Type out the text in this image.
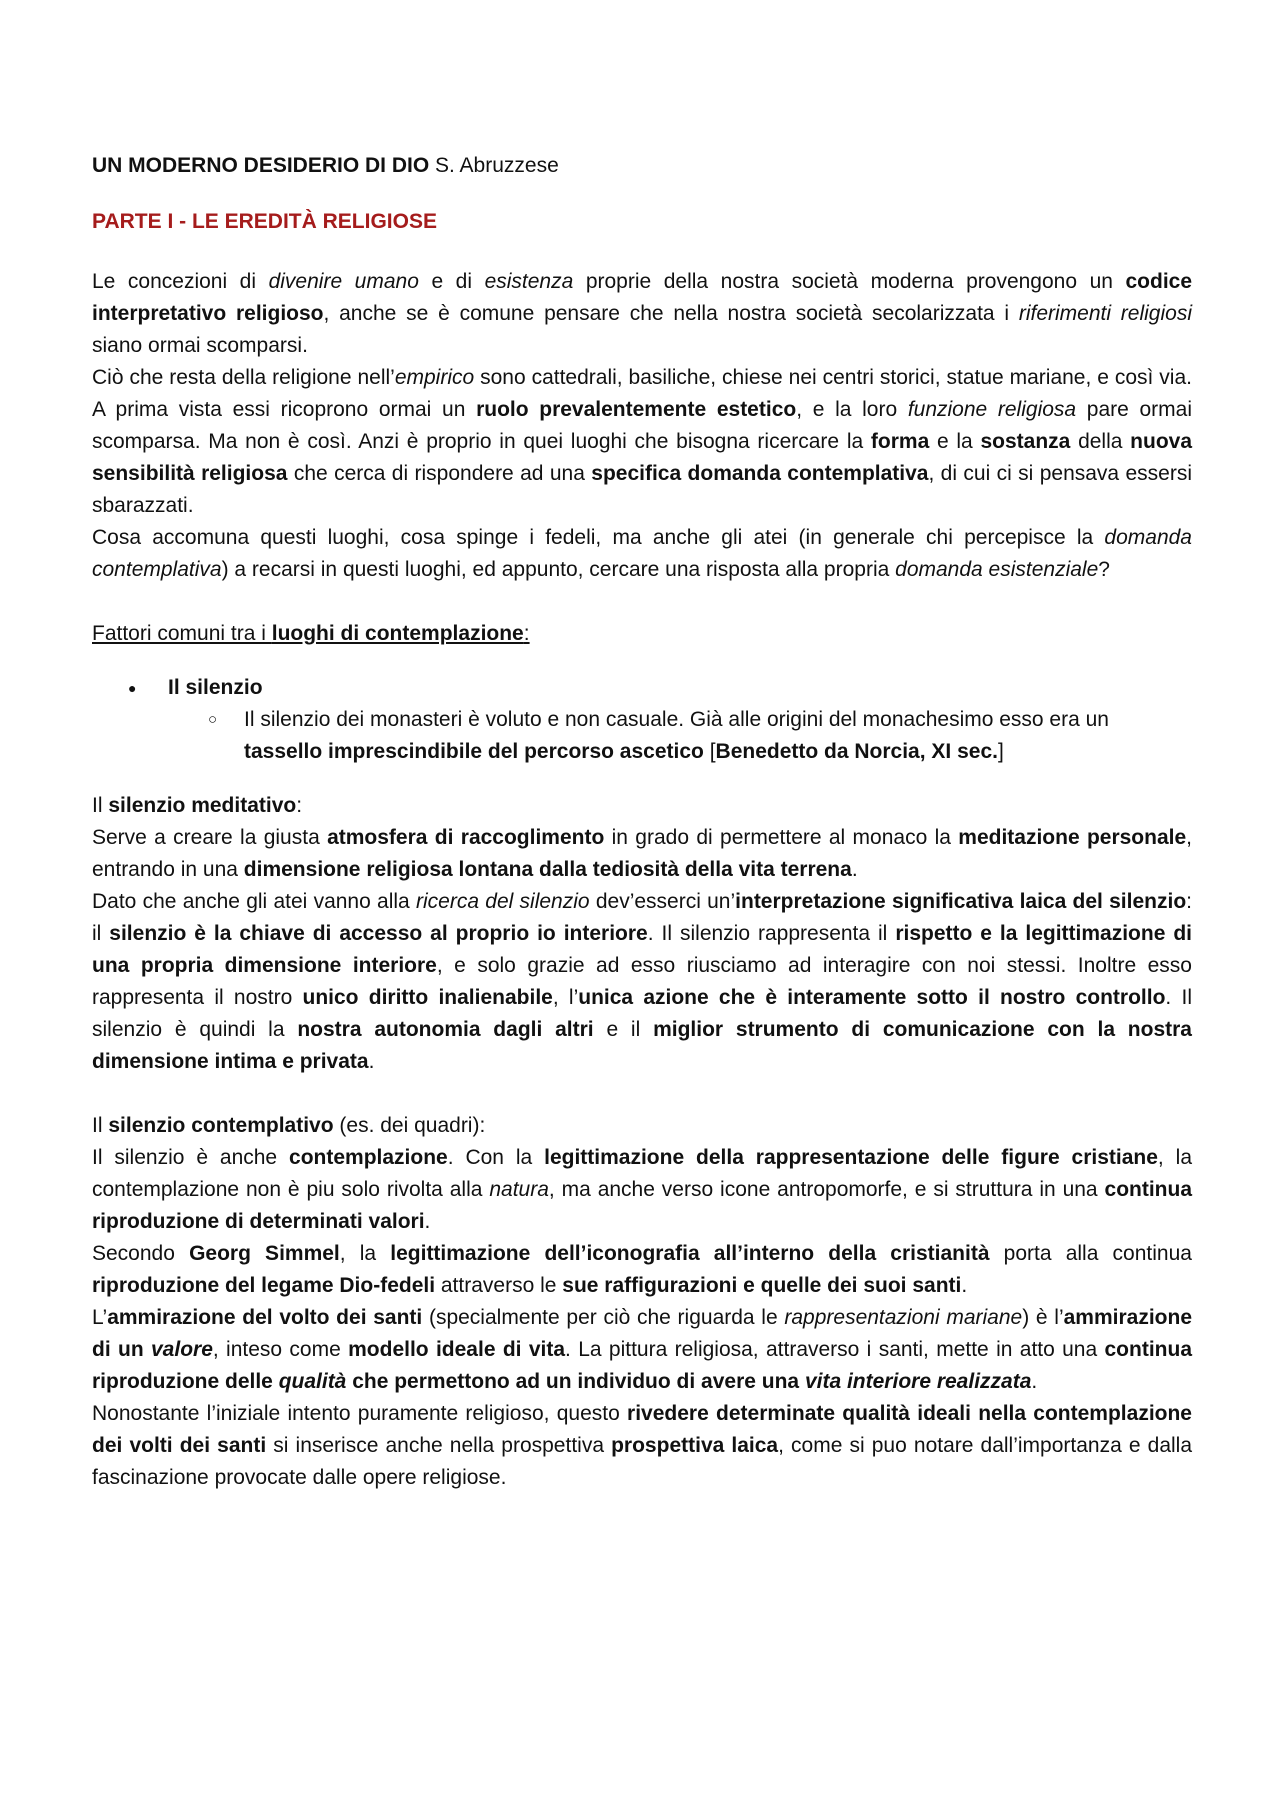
UN MODERNO DESIDERIO DI DIO S. Abruzzese
PARTE I - LE EREDITÀ RELIGIOSE

Le concezioni di divenire umano e di esistenza proprie della nostra società moderna provengono un codice interpretativo religioso, anche se è comune pensare che nella nostra società secolarizzata i riferimenti religiosi siano ormai scomparsi.

Ciò che resta della religione nell’empirico sono cattedrali, basiliche, chiese nei centri storici, statue mariane, e così via. A prima vista essi ricoprono ormai un ruolo prevalentemente estetico, e la loro funzione religiosa pare ormai scomparsa. Ma non è così. Anzi è proprio in quei luoghi che bisogna ricercare la forma e la sostanza della nuova sensibilità religiosa che cerca di rispondere ad una specifica domanda contemplativa, di cui ci si pensava essersi sbarazzati.

Cosa accomuna questi luoghi, cosa spinge i fedeli, ma anche gli atei (in generale chi percepisce la domanda contemplativa) a recarsi in questi luoghi, ed appunto, cercare una risposta alla propria domanda esistenziale?

Fattori comuni tra i luoghi di contemplazione:

● Il silenzio
○ Il silenzio dei monasteri è voluto e non casuale. Già alle origini del monachesimo esso era un tassello imprescindibile del percorso ascetico [Benedetto da Norcia, XI sec.]

Il silenzio meditativo:

Serve a creare la giusta atmosfera di raccoglimento in grado di permettere al monaco la meditazione personale, entrando in una dimensione religiosa lontana dalla tediosità della vita terrena.

Dato che anche gli atei vanno alla ricerca del silenzio dev’esserci un’interpretazione significativa laica del silenzio: il silenzio è la chiave di accesso al proprio io interiore. Il silenzio rappresenta il rispetto e la legittimazione di una propria dimensione interiore, e solo grazie ad esso riusciamo ad interagire con noi stessi. Inoltre esso rappresenta il nostro unico diritto inalienabile, l’unica azione che è interamente sotto il nostro controllo. Il silenzio è quindi la nostra autonomia dagli altri e il miglior strumento di comunicazione con la nostra dimensione intima e privata.

Il silenzio contemplativo (es. dei quadri):

Il silenzio è anche contemplazione. Con la legittimazione della rappresentazione delle figure cristiane, la contemplazione non è piu solo rivolta alla natura, ma anche verso icone antropomorfe, e si struttura in una continua riproduzione di determinati valori.

Secondo Georg Simmel, la legittimazione dell’iconografia all’interno della cristianità porta alla continua riproduzione del legame Dio-fedeli attraverso le sue raffigurazioni e quelle dei suoi santi.

L’ammirazione del volto dei santi (specialmente per ciò che riguarda le rappresentazioni mariane) è l’ammirazione di un valore, inteso come modello ideale di vita. La pittura religiosa, attraverso i santi, mette in atto una continua riproduzione delle qualità che permettono ad un individuo di avere una vita interiore realizzata.

Nonostante l’iniziale intento puramente religioso, questo rivedere determinate qualità ideali nella contemplazione dei volti dei santi si inserisce anche nella prospettiva prospettiva laica, come si puo notare dall’importanza e dalla fascinazione provocate dalle opere religiose.
